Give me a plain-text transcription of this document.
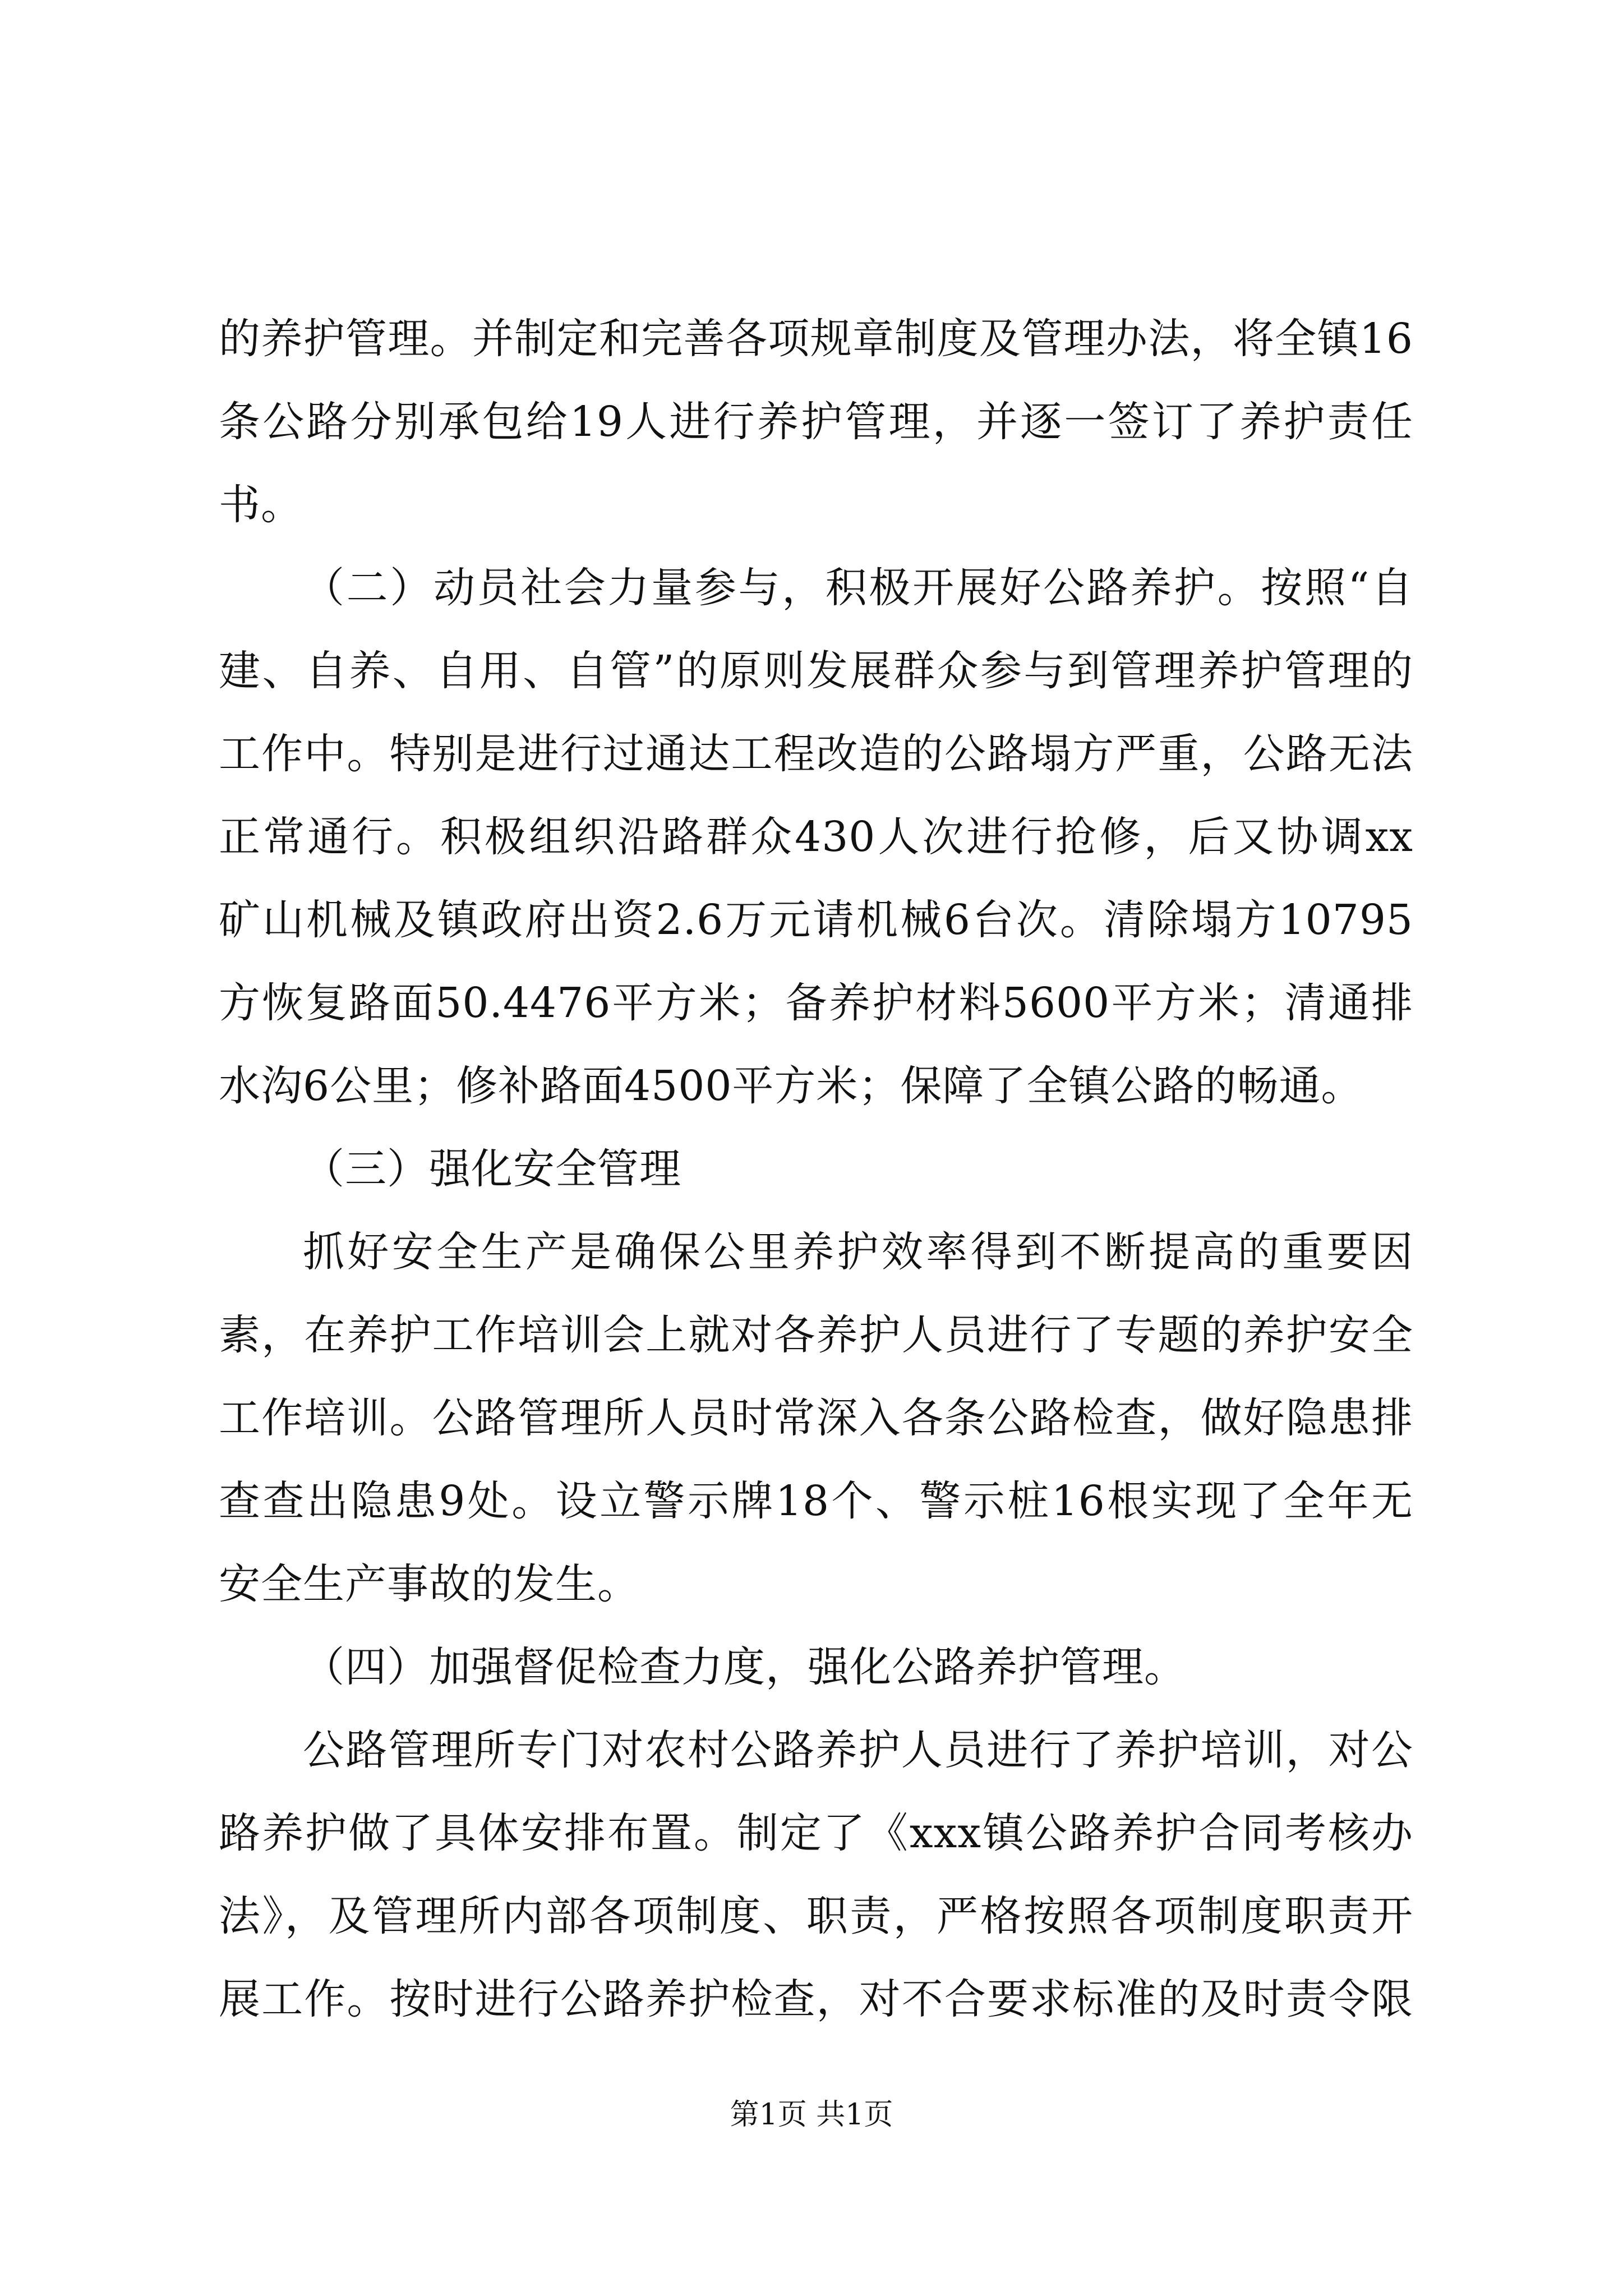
的养护管理。并制定和完善各项规章制度及管理办法，将全镇16
条公路分别承包给19人进行养护管理，并逐一签订了养护责任
书。
（二）动员社会力量参与，积极开展好公路养护。按照“自
建、自养、自用、自管”的原则发展群众参与到管理养护管理的
工作中。特别是进行过通达工程改造的公路塌方严重，公路无法
正常通行。积极组织沿路群众430人次进行抢修，后又协调xx
矿山机械及镇政府出资2.6万元请机械6台次。清除塌方10795
方恢复路面50.4476平方米；备养护材料5600平方米；清通排
水沟6公里；修补路面4500平方米；保障了全镇公路的畅通。
（三）强化安全管理
抓好安全生产是确保公里养护效率得到不断提高的重要因
素，在养护工作培训会上就对各养护人员进行了专题的养护安全
工作培训。公路管理所人员时常深入各条公路检查，做好隐患排
查查出隐患9处。设立警示牌18个、警示桩16根实现了全年无
安全生产事故的发生。
（四）加强督促检查力度，强化公路养护管理。
公路管理所专门对农村公路养护人员进行了养护培训，对公
路养护做了具体安排布置。制定了《xxx镇公路养护合同考核办
法》，及管理所内部各项制度、职责，严格按照各项制度职责开
展工作。按时进行公路养护检查，对不合要求标准的及时责令限
第1页 共1页
